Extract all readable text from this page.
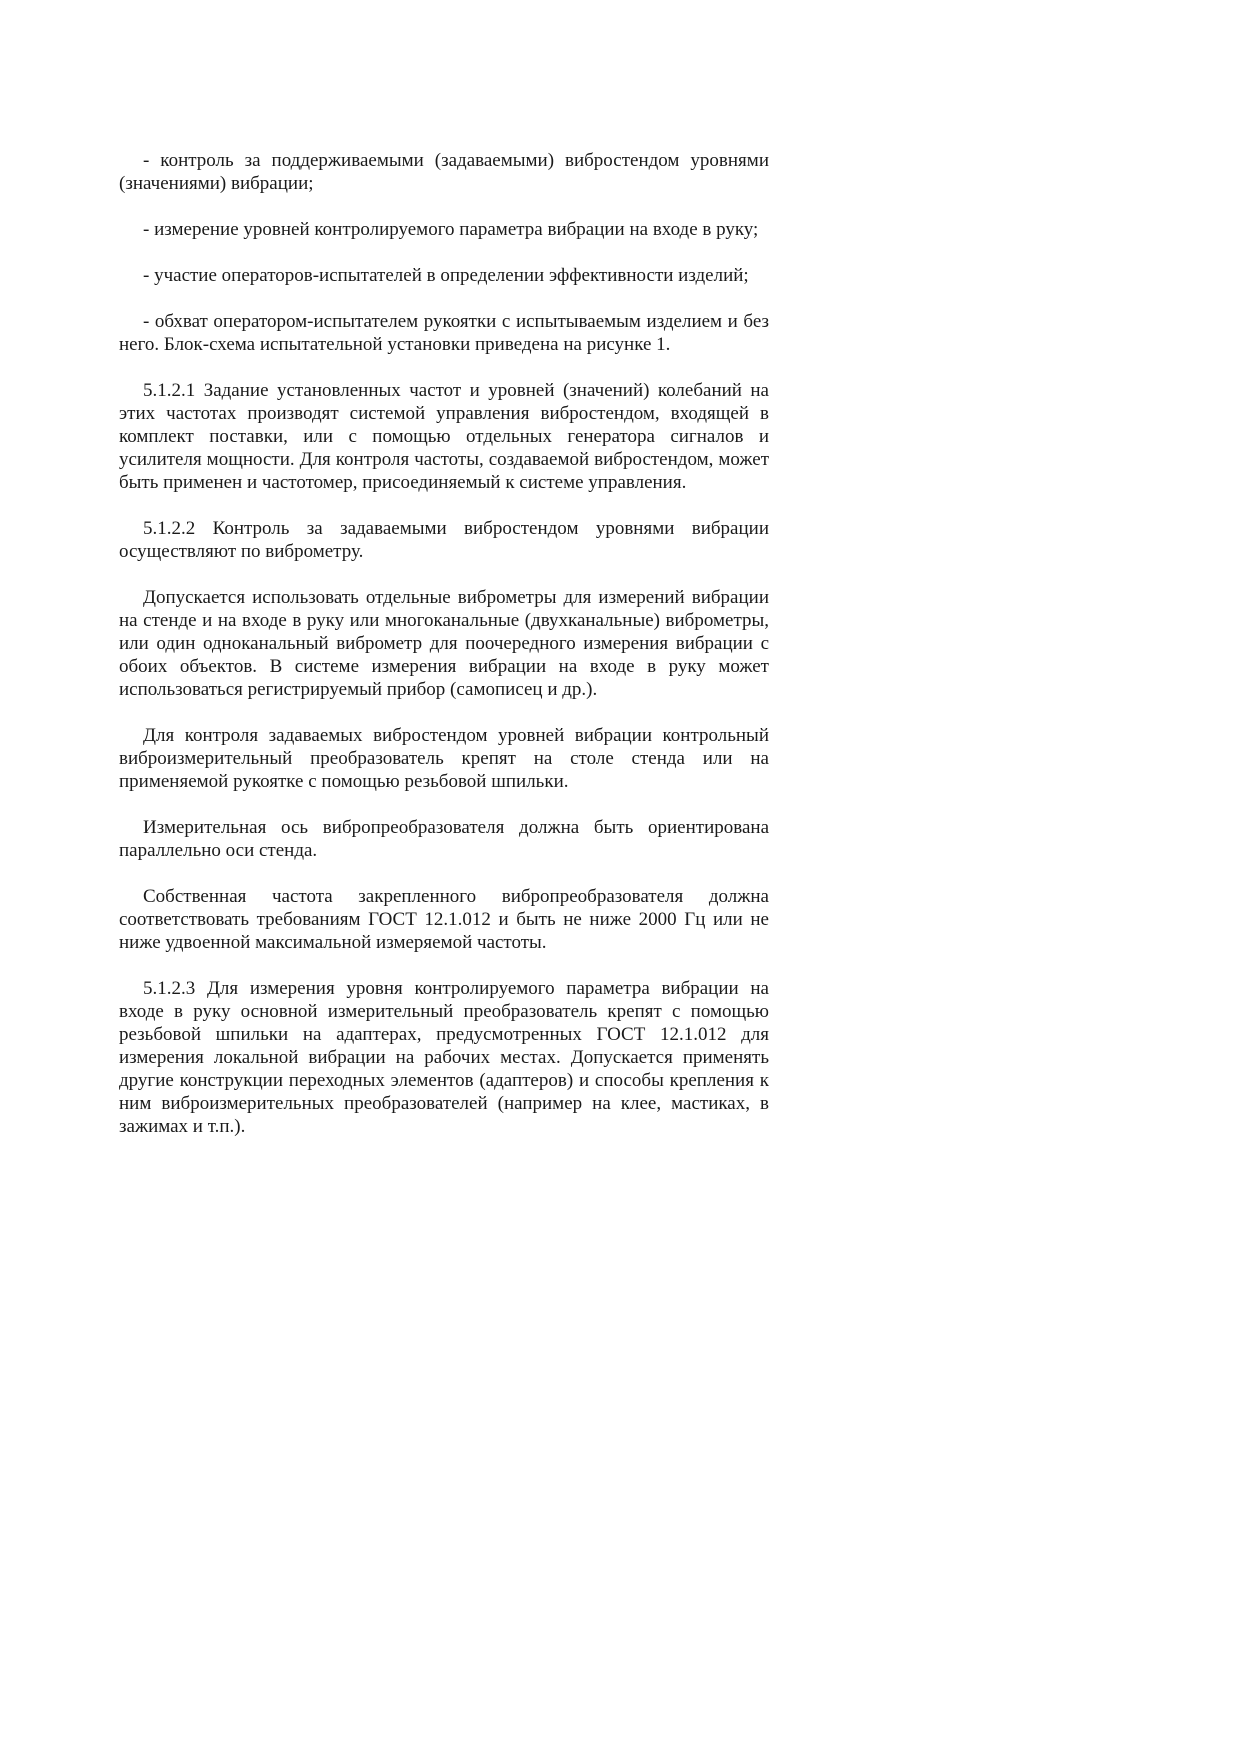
- контроль за поддерживаемыми (задаваемыми) вибростендом уровнями (значениями) вибрации;

- измерение уровней контролируемого параметра вибрации на входе в руку;

- участие операторов-испытателей в определении эффективности изделий;

- обхват оператором-испытателем рукоятки с испытываемым изделием и без него. Блок-схема испытательной установки приведена на рисунке 1.

5.1.2.1 Задание установленных частот и уровней (значений) колебаний на этих частотах производят системой управления вибростендом, входящей в комплект поставки, или с помощью отдельных генератора сигналов и усилителя мощности. Для контроля частоты, создаваемой вибростендом, может быть применен и частотомер, присоединяемый к системе управления.

5.1.2.2 Контроль за задаваемыми вибростендом уровнями вибрации осуществляют по виброметру.

Допускается использовать отдельные виброметры для измерений вибрации на стенде и на входе в руку или многоканальные (двухканальные) виброметры, или один одноканальный виброметр для поочередного измерения вибрации с обоих объектов. В системе измерения вибрации на входе в руку может использоваться регистрируемый прибор (самописец и др.).

Для контроля задаваемых вибростендом уровней вибрации контрольный виброизмерительный преобразователь крепят на столе стенда или на применяемой рукоятке с помощью резьбовой шпильки.

Измерительная ось вибропреобразователя должна быть ориентирована параллельно оси стенда.

Собственная частота закрепленного вибропреобразователя должна соответствовать требованиям ГОСТ 12.1.012 и быть не ниже 2000 Гц или не ниже удвоенной максимальной измеряемой частоты.

5.1.2.3 Для измерения уровня контролируемого параметра вибрации на входе в руку основной измерительный преобразователь крепят с помощью резьбовой шпильки на адаптерах, предусмотренных ГОСТ 12.1.012 для измерения локальной вибрации на рабочих местах. Допускается применять другие конструкции переходных элементов (адаптеров) и способы крепления к ним виброизмерительных преобразователей (например на клее, мастиках, в зажимах и т.п.).
